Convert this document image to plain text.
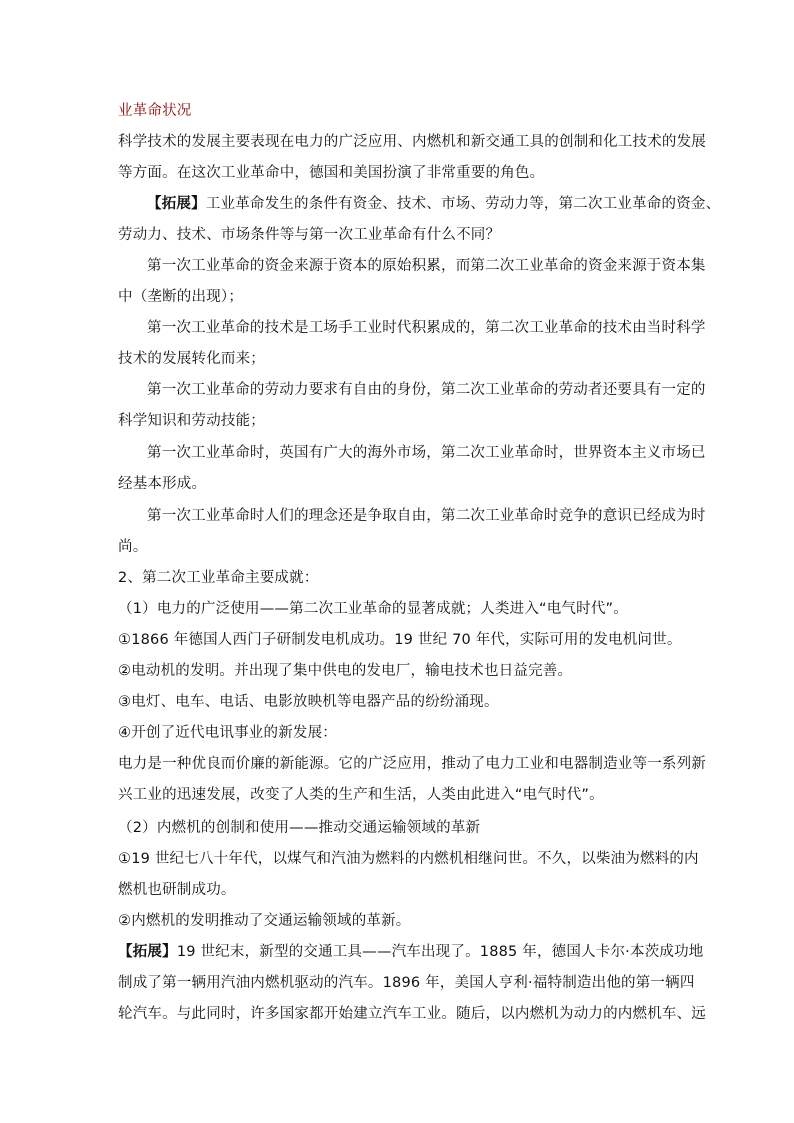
业革命状况
科学技术的发展主要表现在电力的广泛应用、内燃机和新交通工具的创制和化工技术的发展
等方面。在这次工业革命中，德国和美国扮演了非常重要的角色。
【拓展】工业革命发生的条件有资金、技术、市场、劳动力等，第二次工业革命的资金、
劳动力、技术、市场条件等与第一次工业革命有什么不同？
第一次工业革命的资金来源于资本的原始积累，而第二次工业革命的资金来源于资本集
中（垄断的出现）；
第一次工业革命的技术是工场手工业时代积累成的，第二次工业革命的技术由当时科学
技术的发展转化而来；
第一次工业革命的劳动力要求有自由的身份，第二次工业革命的劳动者还要具有一定的
科学知识和劳动技能；
第一次工业革命时，英国有广大的海外市场，第二次工业革命时，世界资本主义市场已
经基本形成。
第一次工业革命时人们的理念还是争取自由，第二次工业革命时竞争的意识已经成为时
尚。
2、第二次工业革命主要成就：
（1）电力的广泛使用——第二次工业革命的显著成就；人类进入“电气时代”。
①1866 年德国人西门子研制发电机成功。19 世纪 70 年代，实际可用的发电机问世。
②电动机的发明。并出现了集中供电的发电厂，输电技术也日益完善。
③电灯、电车、电话、电影放映机等电器产品的纷纷涌现。
④开创了近代电讯事业的新发展：
电力是一种优良而价廉的新能源。它的广泛应用，推动了电力工业和电器制造业等一系列新
兴工业的迅速发展，改变了人类的生产和生活，人类由此进入“电气时代”。
（2）内燃机的创制和使用——推动交通运输领域的革新
①19 世纪七八十年代，以煤气和汽油为燃料的内燃机相继问世。不久，以柴油为燃料的内
燃机也研制成功。
②内燃机的发明推动了交通运输领域的革新。
【拓展】19 世纪末，新型的交通工具——汽车出现了。1885 年，德国人卡尔·本茨成功地
制成了第一辆用汽油内燃机驱动的汽车。1896 年，美国人亨利·福特制造出他的第一辆四
轮汽车。与此同时，许多国家都开始建立汽车工业。随后，以内燃机为动力的内燃机车、远
